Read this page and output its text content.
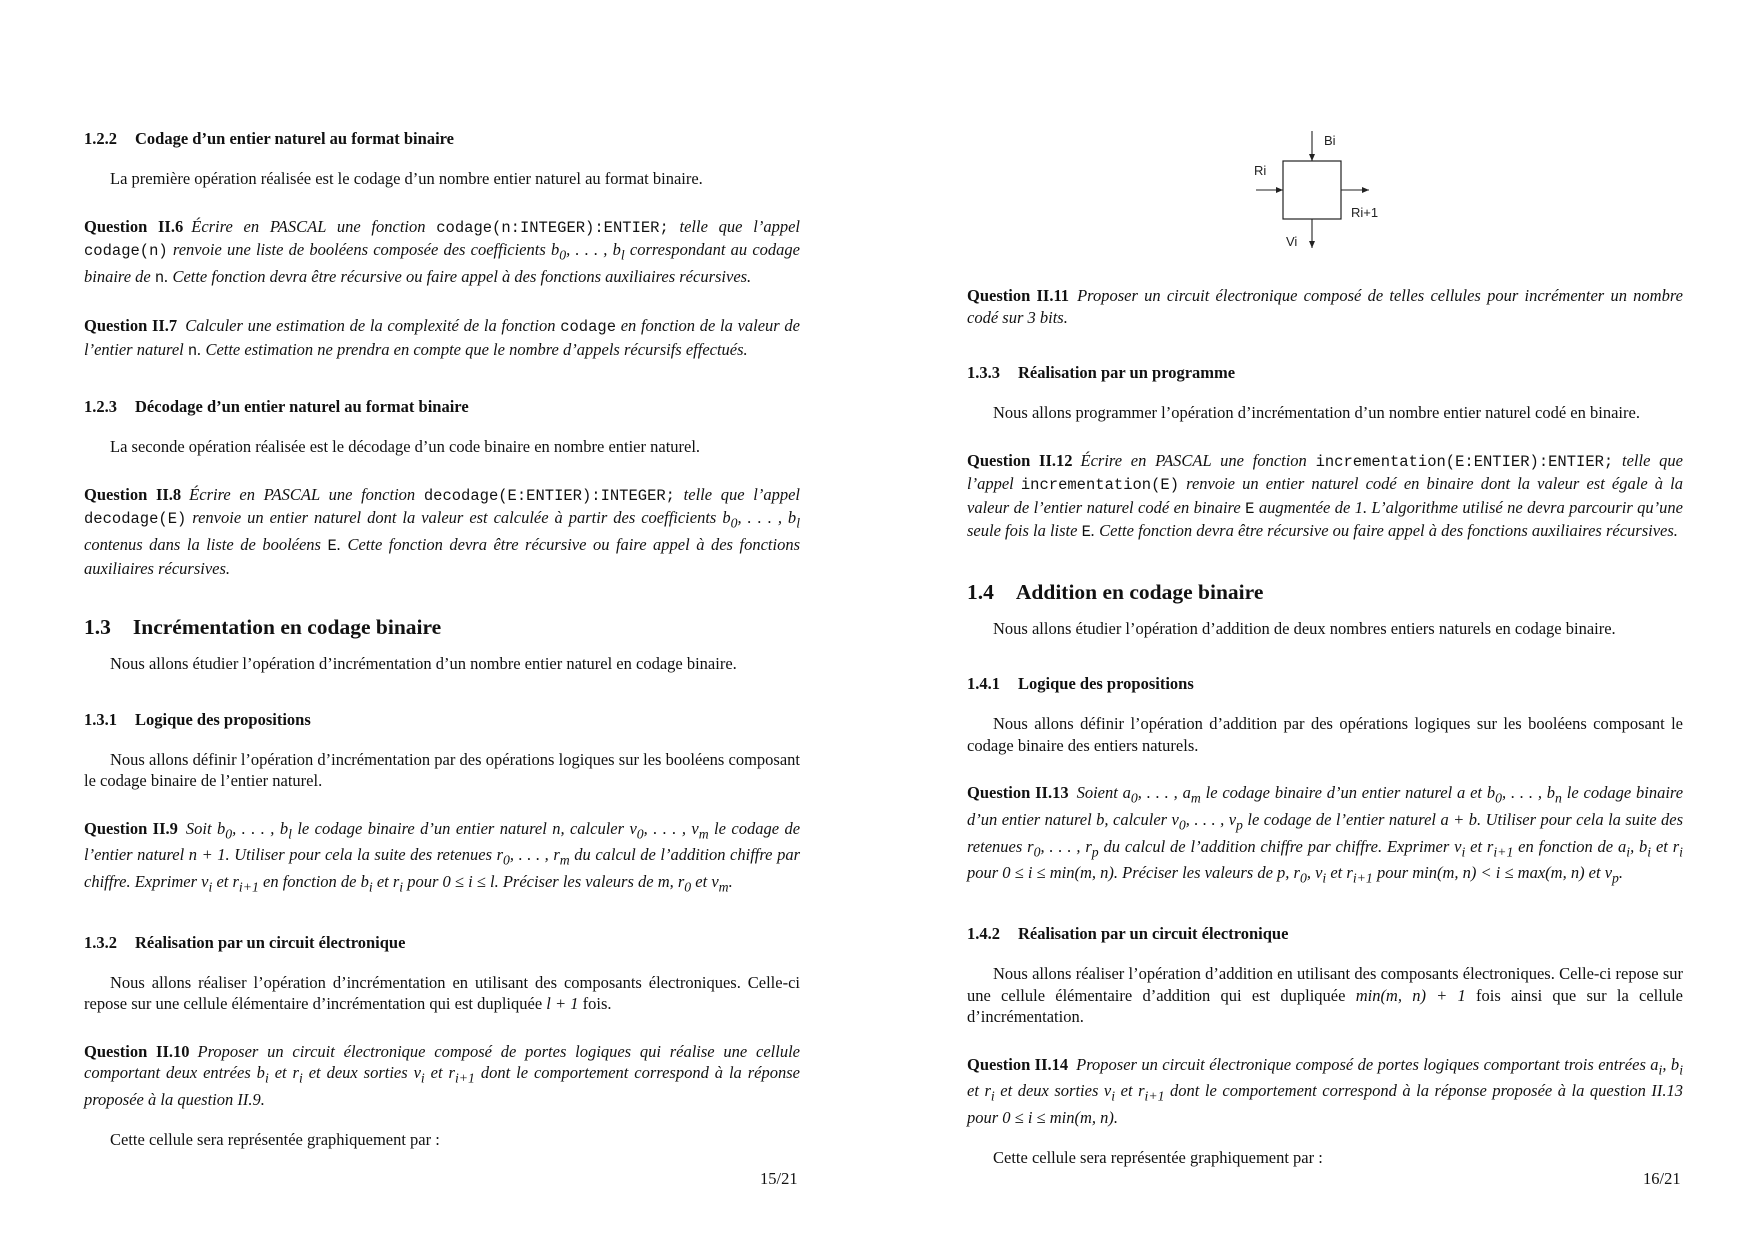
1.2.2 Codage d’un entier naturel au format binaire

La première opération réalisée est le codage d’un nombre entier naturel au format binaire.

Question II.6 Écrire en PASCAL une fonction codage(n:INTEGER):ENTIER; telle que l’appel codage(n) renvoie une liste de booléens composée des coefficients $b_0$, . . . , $b_l$ correspondant au codage binaire de n. Cette fonction devra être récursive ou faire appel à des fonctions auxiliaires récursives.
Question II.7 Calculer une estimation de la complexité de la fonction codage en fonction de la valeur de l’entier naturel n. Cette estimation ne prendra en compte que le nombre d’appels récursifs effectués.
1.2.3 Décodage d’un entier naturel au format binaire

La seconde opération réalisée est le décodage d’un code binaire en nombre entier naturel.

Question II.8 Écrire en PASCAL une fonction decodage(E:ENTIER):INTEGER; telle que l’appel decodage(E) renvoie un entier naturel dont la valeur est calculée à partir des coefficients $b_0$, . . . , $b_l$ contenus dans la liste de booléens E. Cette fonction devra être récursive ou faire appel à des fonctions auxiliaires récursives.
1.3 Incrémentation en codage binaire

Nous allons étudier l’opération d’incrémentation d’un nombre entier naturel en codage binaire.

1.3.1 Logique des propositions

Nous allons définir l’opération d’incrémentation par des opérations logiques sur les booléens composant le codage binaire de l’entier naturel.

Question II.9 Soit $b_0$, . . . , $b_l$ le codage binaire d’un entier naturel n, calculer $v_0$, . . . , $v_m$ le codage de l’entier naturel n + 1. Utiliser pour cela la suite des retenues $r_0$, . . . , $r_m$ du calcul de l’addition chiffre par chiffre. Exprimer $v_i$ et $r_{i+1}$ en fonction de $b_i$ et $r_i$ pour 0 ≤ i ≤ l. Préciser les valeurs de m, $r_0$ et $v_m$.
1.3.2 Réalisation par un circuit électronique

Nous allons réaliser l’opération d’incrémentation en utilisant des composants électroniques. Celle-ci repose sur une cellule élémentaire d’incrémentation qui est dupliquée l + 1 fois.

Question II.10 Proposer un circuit électronique composé de portes logiques qui réalise une cellule comportant deux entrées $b_i$ et $r_i$ et deux sorties $v_i$ et $r_{i+1}$ dont le comportement correspond à la réponse proposée à la question II.9.

Cette cellule sera représentée graphiquement par :

15/21
Bi
Ri
Ri+1
Vi
Question II.11 Proposer un circuit électronique composé de telles cellules pour incrémenter un nombre codé sur 3 bits.
1.3.3 Réalisation par un programme

Nous allons programmer l’opération d’incrémentation d’un nombre entier naturel codé en binaire.

Question II.12 Écrire en PASCAL une fonction incrementation(E:ENTIER):ENTIER; telle que l’appel incrementation(E) renvoie un entier naturel codé en binaire dont la valeur est égale à la valeur de l’entier naturel codé en binaire E augmentée de 1. L’algorithme utilisé ne devra parcourir qu’une seule fois la liste E. Cette fonction devra être récursive ou faire appel à des fonctions auxiliaires récursives.
1.4 Addition en codage binaire

Nous allons étudier l’opération d’addition de deux nombres entiers naturels en codage binaire.

1.4.1 Logique des propositions

Nous allons définir l’opération d’addition par des opérations logiques sur les booléens composant le codage binaire des entiers naturels.

Question II.13 Soient $a_0$, . . . , $a_m$ le codage binaire d’un entier naturel a et $b_0$, . . . , $b_n$ le codage binaire d’un entier naturel b, calculer $v_0$, . . . , $v_p$ le codage de l’entier naturel a + b. Utiliser pour cela la suite des retenues $r_0$, . . . , $r_p$ du calcul de l’addition chiffre par chiffre. Exprimer $v_i$ et $r_{i+1}$ en fonction de $a_i$, $b_i$ et $r_i$ pour 0 ≤ i ≤ min(m, n). Préciser les valeurs de p, $r_0$, $v_i$ et $r_{i+1}$ pour min(m, n) < i ≤ max(m, n) et $v_p$.
1.4.2 Réalisation par un circuit électronique

Nous allons réaliser l’opération d’addition en utilisant des composants électroniques. Celle-ci repose sur une cellule élémentaire d’addition qui est dupliquée min(m, n) + 1 fois ainsi que sur la cellule d’incrémentation.

Question II.14 Proposer un circuit électronique composé de portes logiques comportant trois entrées $a_i$, $b_i$ et $r_i$ et deux sorties $v_i$ et $r_{i+1}$ dont le comportement correspond à la réponse proposée à la question II.13 pour 0 ≤ i ≤ min(m, n).

Cette cellule sera représentée graphiquement par :

16/21
